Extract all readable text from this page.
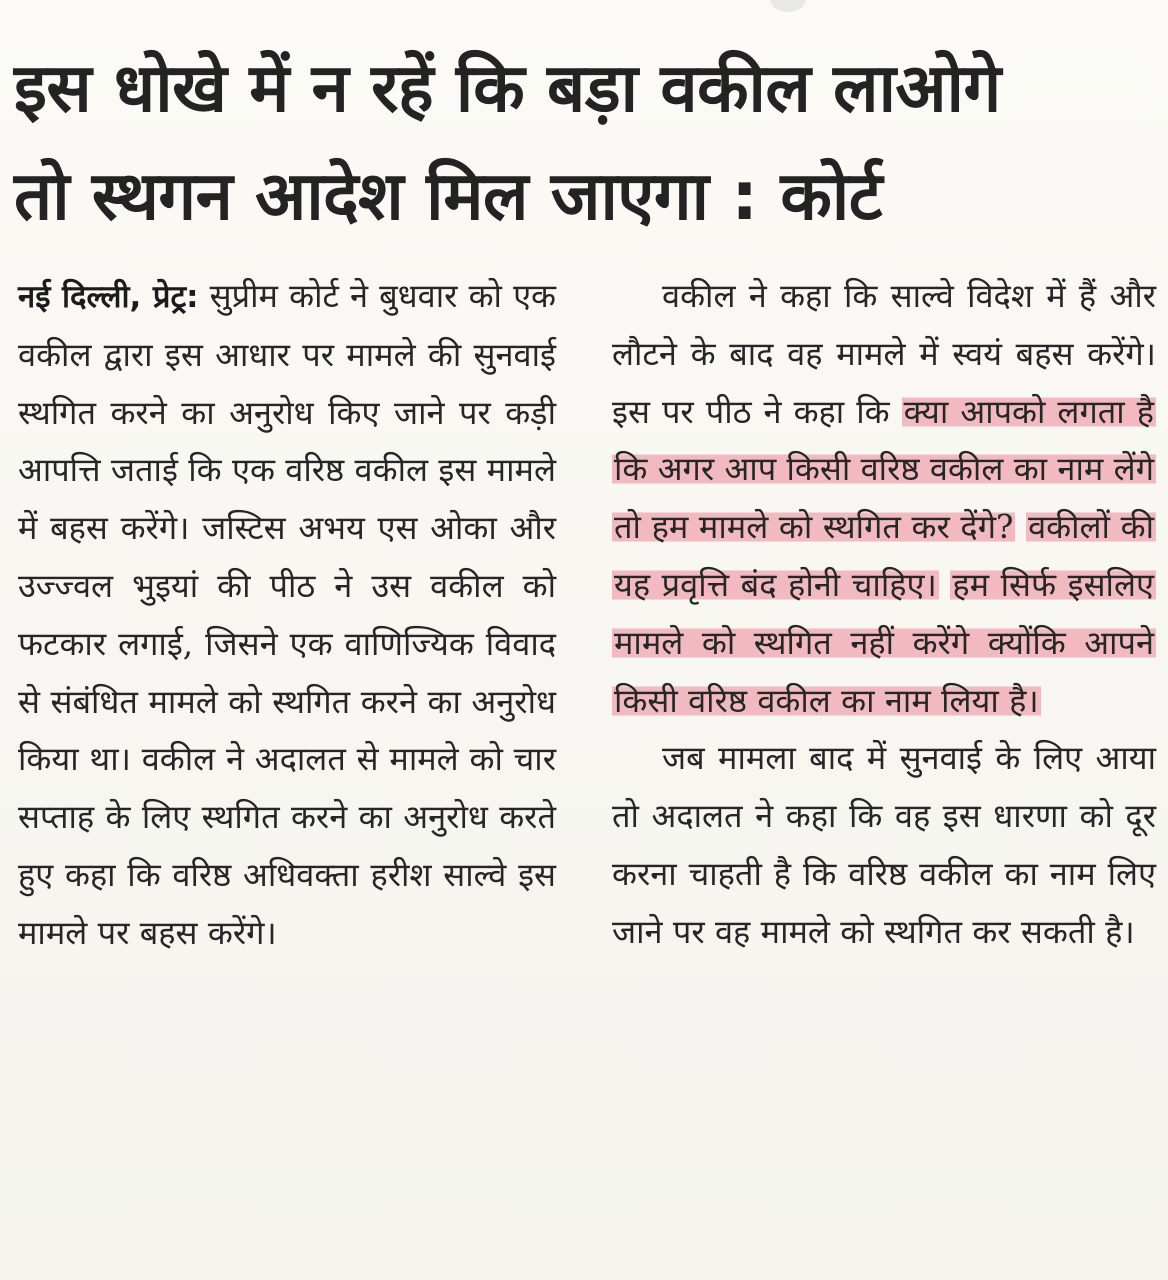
इस धोखे में न रहें कि बड़ा वकील लाओगे
तो स्थगन आदेश मिल जाएगा : कोर्ट

नई दिल्ली, प्रेट्र: सुप्रीम कोर्ट ने बुधवार को एक वकील द्वारा इस आधार पर मामले की सुनवाई स्थगित करने का अनुरोध किए जाने पर कड़ी आपत्ति जताई कि एक वरिष्ठ वकील इस मामले में बहस करेंगे। जस्टिस अभय एस ओका और उज्ज्वल भुइयां की पीठ ने उस वकील को फटकार लगाई, जिसने एक वाणिज्यिक विवाद से संबंधित मामले को स्थगित करने का अनुरोध किया था। वकील ने अदालत से मामले को चार सप्ताह के लिए स्थगित करने का अनुरोध करते हुए कहा कि वरिष्ठ अधिवक्ता हरीश साल्वे इस मामले पर बहस करेंगे।

वकील ने कहा कि साल्वे विदेश में हैं और लौटने के बाद वह मामले में स्वयं बहस करेंगे। इस पर पीठ ने कहा कि क्या आपको लगता है कि अगर आप किसी वरिष्ठ वकील का नाम लेंगे तो हम मामले को स्थगित कर देंगे? वकीलों की यह प्रवृत्ति बंद होनी चाहिए। हम सिर्फ इसलिए मामले को स्थगित नहीं करेंगे क्योंकि आपने किसी वरिष्ठ वकील का नाम लिया है।

जब मामला बाद में सुनवाई के लिए आया तो अदालत ने कहा कि वह इस धारणा को दूर करना चाहती है कि वरिष्ठ वकील का नाम लिए जाने पर वह मामले को स्थगित कर सकती है।
